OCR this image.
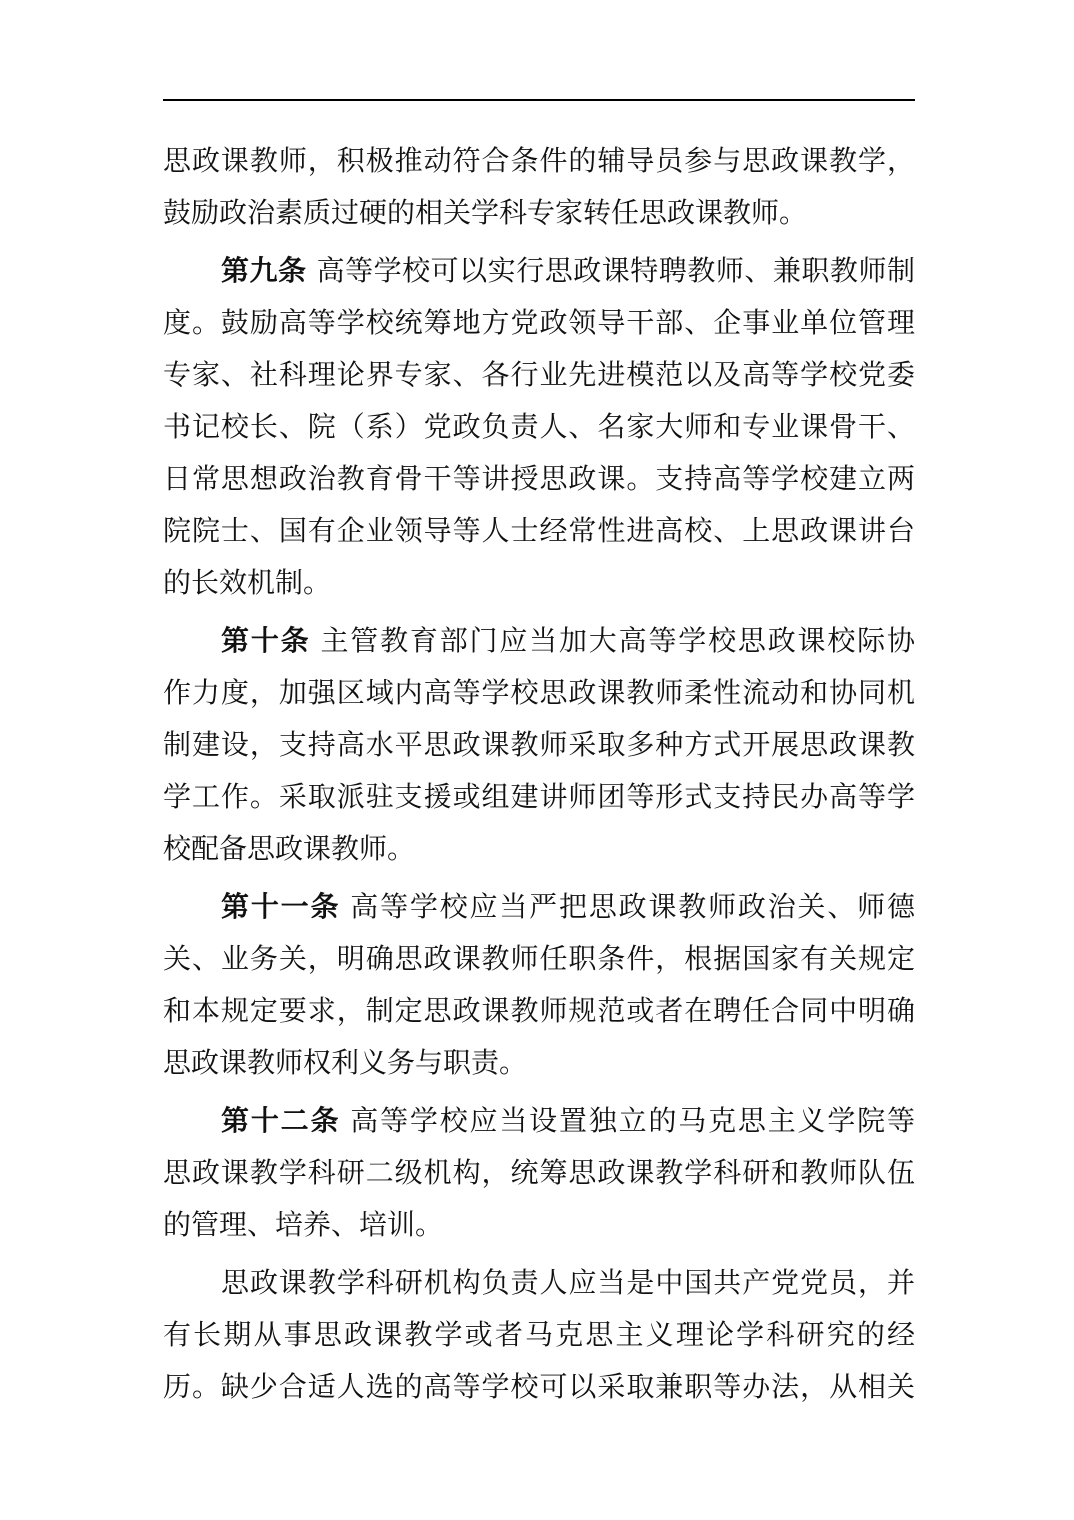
思政课教师，积极推动符合条件的辅导员参与思政课教学，
鼓励政治素质过硬的相关学科专家转任思政课教师。
第九条 高等学校可以实行思政课特聘教师、兼职教师制
度。鼓励高等学校统筹地方党政领导干部、企事业单位管理
专家、社科理论界专家、各行业先进模范以及高等学校党委
书记校长、院（系）党政负责人、名家大师和专业课骨干、
日常思想政治教育骨干等讲授思政课。支持高等学校建立两
院院士、国有企业领导等人士经常性进高校、上思政课讲台
的长效机制。
第十条 主管教育部门应当加大高等学校思政课校际协
作力度，加强区域内高等学校思政课教师柔性流动和协同机
制建设，支持高水平思政课教师采取多种方式开展思政课教
学工作。采取派驻支援或组建讲师团等形式支持民办高等学
校配备思政课教师。
第十一条 高等学校应当严把思政课教师政治关、师德
关、业务关，明确思政课教师任职条件，根据国家有关规定
和本规定要求，制定思政课教师规范或者在聘任合同中明确
思政课教师权利义务与职责。
第十二条 高等学校应当设置独立的马克思主义学院等
思政课教学科研二级机构，统筹思政课教学科研和教师队伍
的管理、培养、培训。
思政课教学科研机构负责人应当是中国共产党党员，并
有长期从事思政课教学或者马克思主义理论学科研究的经
历。缺少合适人选的高等学校可以采取兼职等办法，从相关
